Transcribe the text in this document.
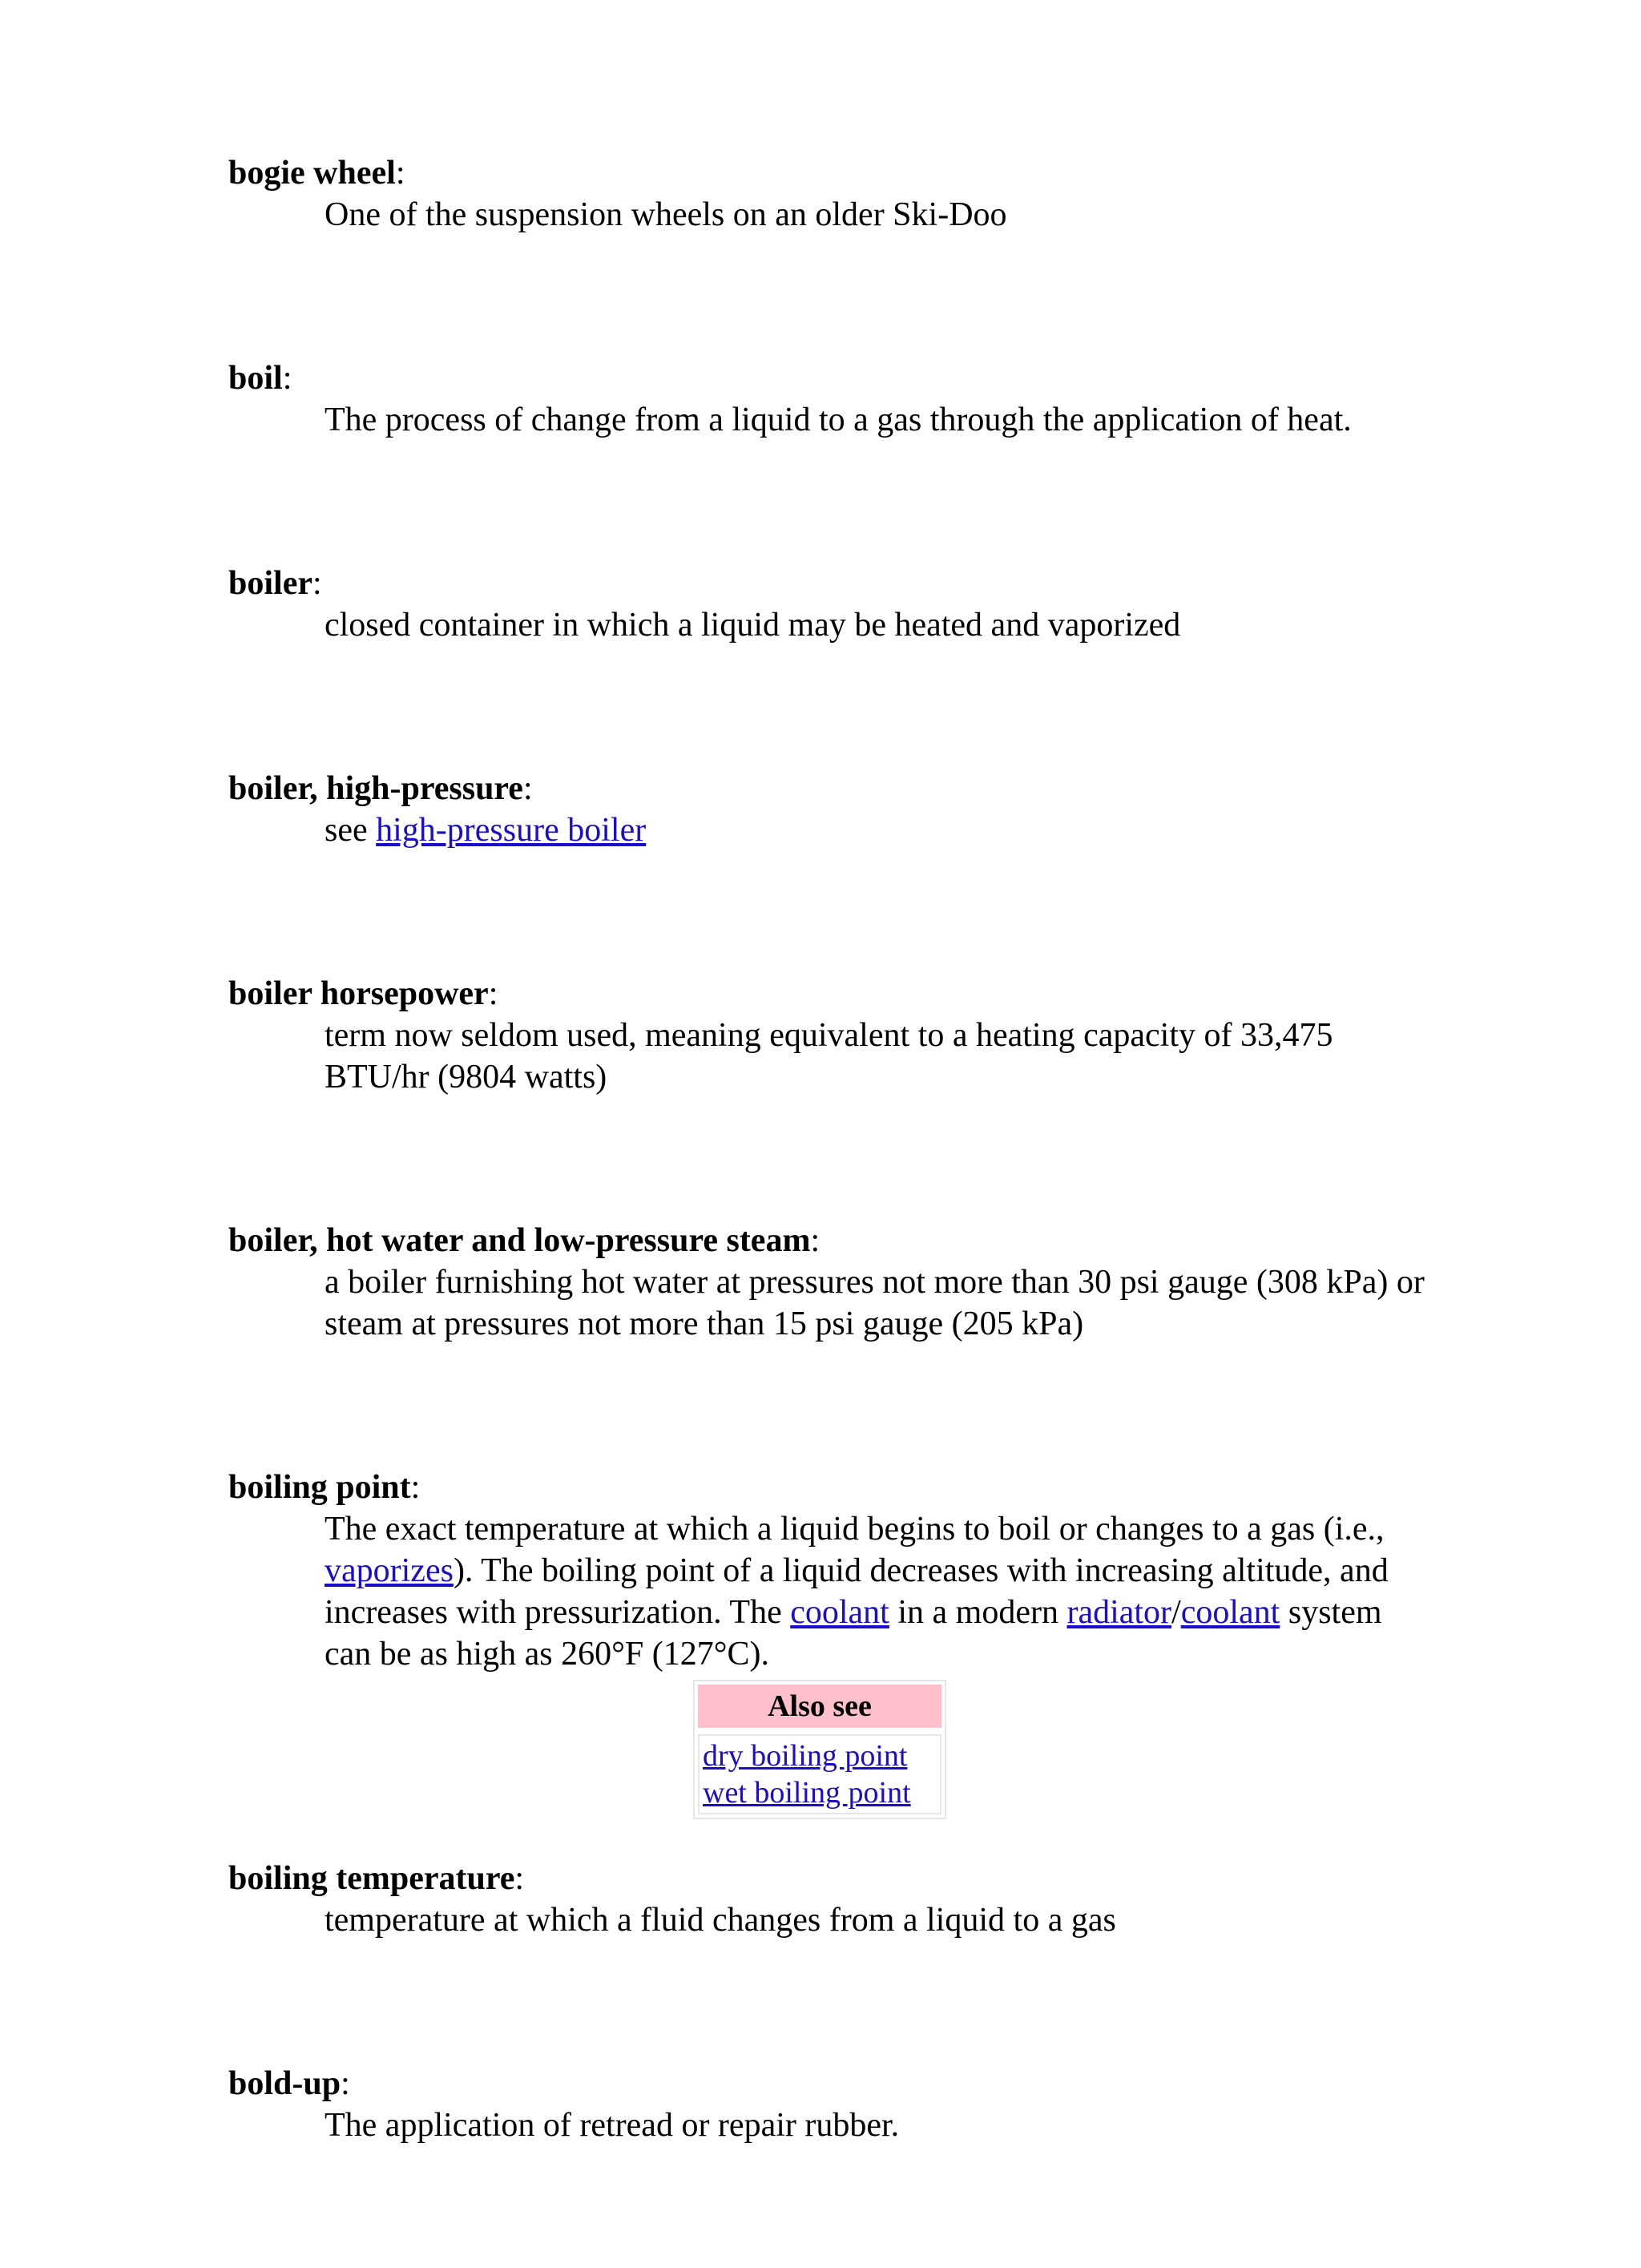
bogie wheel:
One of the suspension wheels on an older Ski-Doo
boil:
The process of change from a liquid to a gas through the application of heat.
boiler:
closed container in which a liquid may be heated and vaporized
boiler, high-pressure:
see high-pressure boiler
boiler horsepower:
term now seldom used, meaning equivalent to a heating capacity of 33,475 BTU/hr (9804 watts)
boiler, hot water and low-pressure steam:
a boiler furnishing hot water at pressures not more than 30 psi gauge (308 kPa) or steam at pressures not more than 15 psi gauge (205 kPa)
boiling point:
The exact temperature at which a liquid begins to boil or changes to a gas (i.e., vaporizes). The boiling point of a liquid decreases with increasing altitude, and increases with pressurization. The coolant in a modern radiator/coolant system can be as high as 260°F (127°C).
Also see
dry boiling point
wet boiling point
boiling temperature:
temperature at which a fluid changes from a liquid to a gas
bold-up:
The application of retread or repair rubber.
